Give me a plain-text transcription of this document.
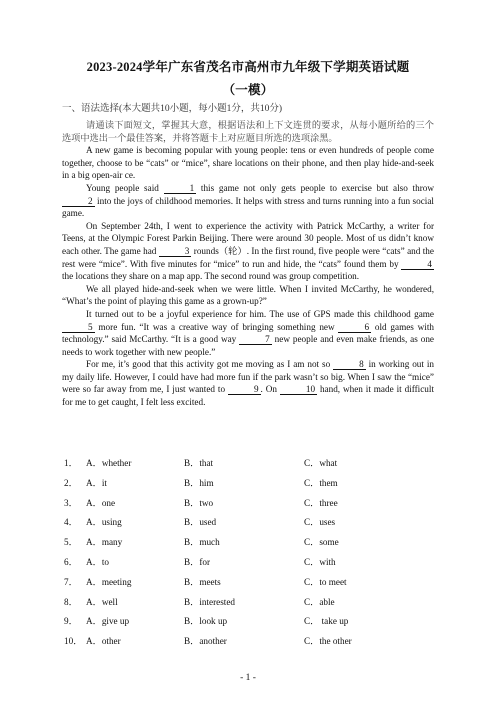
2023-2024学年广东省茂名市高州市九年级下学期英语试题
（一模）
一、语法选择(本大题共10小题，每小题1分，共10分)

请通读下面短文，掌握其大意，根据语法和上下文连贯的要求，从每小题所给的三个选项中选出一个最佳答案，并将答题卡上对应题目所选的选项涂黑。

A new game is becoming popular with young people: tens or even hundreds of people come together, choose to be “cats” or “mice”, share locations on their phone, and then play hide-and-seek in a big open-air ce.

Young people said	1 this game not only gets people to exercise but also throw 2 into the joys of childhood memories. It helps with stress and turns running into a fun social game.

On September 24th, I went to experience the activity with Patrick McCarthy, a writer for Teens, at the Olympic Forest Parkin Beijing. There were around 30 people. Most of us didn’t know each other. The game had	3 rounds（轮）. In the first round, five people were “cats” and the rest were “mice”. With five minutes for “mice” to run and hide, the “cats” found them by	4 the locations they share on a map app. The second round was group competition.

We all played hide-and-seek when we were little. When I invited McCarthy, he wondered, “What’s the point of playing this game as a grown-up?”

It turned out to be a joyful experience for him. The use of GPS made this childhood game 5 more fun. “It was a creative way of bringing something new	6 old games with technology.” said McCarthy. “It is a good way	7 new people and even make friends, as one needs to work together with new people.”

For me, it’s good that this activity got me moving as I am not so	8 in working out in my daily life. However, I could have had more fun if the park wasn’t so big. When I saw the “mice” were so far away from me, I just wanted to	9 . On	10 hand, when it made it difficult for me to get caught, I felt less excited.

1． A．whether	B．that	C．what
2． A．it	B．him	C．them
3． A．one	B．two	C．three
4． A．using	B．used	C．uses
5． A．many	B．much	C．some
6． A．to	B．for	C．with
7． A．meeting	B．meets	C．to meet
8． A．well	B．interested	C．able
9． A．give up	B．look up	C． take up
10． A．other	B．another	C．the other
- 1 -
